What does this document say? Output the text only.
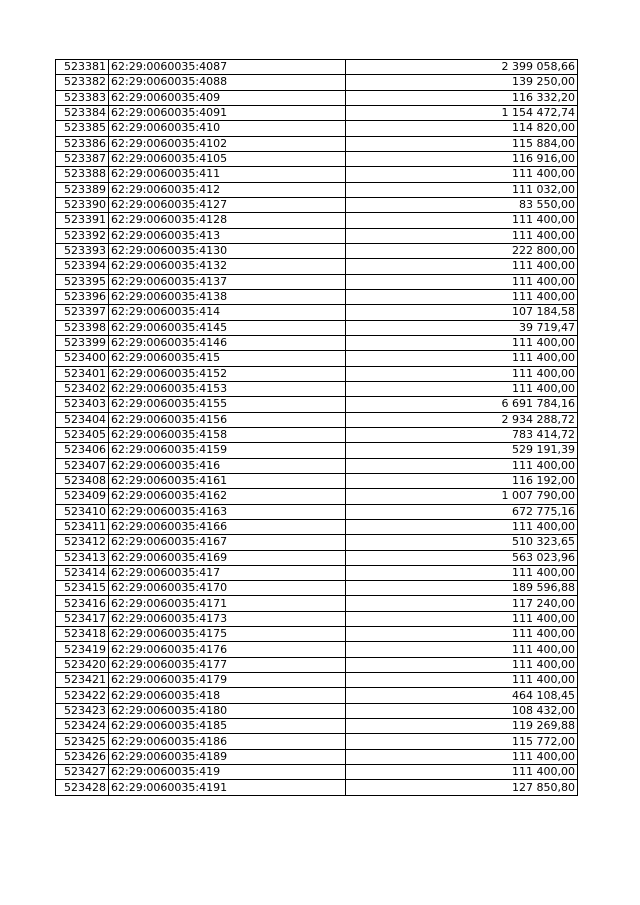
523381	62:29:0060035:4087	2 399 058,66
523382	62:29:0060035:4088	139 250,00
523383	62:29:0060035:409	116 332,20
523384	62:29:0060035:4091	1 154 472,74
523385	62:29:0060035:410	114 820,00
523386	62:29:0060035:4102	115 884,00
523387	62:29:0060035:4105	116 916,00
523388	62:29:0060035:411	111 400,00
523389	62:29:0060035:412	111 032,00
523390	62:29:0060035:4127	83 550,00
523391	62:29:0060035:4128	111 400,00
523392	62:29:0060035:413	111 400,00
523393	62:29:0060035:4130	222 800,00
523394	62:29:0060035:4132	111 400,00
523395	62:29:0060035:4137	111 400,00
523396	62:29:0060035:4138	111 400,00
523397	62:29:0060035:414	107 184,58
523398	62:29:0060035:4145	39 719,47
523399	62:29:0060035:4146	111 400,00
523400	62:29:0060035:415	111 400,00
523401	62:29:0060035:4152	111 400,00
523402	62:29:0060035:4153	111 400,00
523403	62:29:0060035:4155	6 691 784,16
523404	62:29:0060035:4156	2 934 288,72
523405	62:29:0060035:4158	783 414,72
523406	62:29:0060035:4159	529 191,39
523407	62:29:0060035:416	111 400,00
523408	62:29:0060035:4161	116 192,00
523409	62:29:0060035:4162	1 007 790,00
523410	62:29:0060035:4163	672 775,16
523411	62:29:0060035:4166	111 400,00
523412	62:29:0060035:4167	510 323,65
523413	62:29:0060035:4169	563 023,96
523414	62:29:0060035:417	111 400,00
523415	62:29:0060035:4170	189 596,88
523416	62:29:0060035:4171	117 240,00
523417	62:29:0060035:4173	111 400,00
523418	62:29:0060035:4175	111 400,00
523419	62:29:0060035:4176	111 400,00
523420	62:29:0060035:4177	111 400,00
523421	62:29:0060035:4179	111 400,00
523422	62:29:0060035:418	464 108,45
523423	62:29:0060035:4180	108 432,00
523424	62:29:0060035:4185	119 269,88
523425	62:29:0060035:4186	115 772,00
523426	62:29:0060035:4189	111 400,00
523427	62:29:0060035:419	111 400,00
523428	62:29:0060035:4191	127 850,80
